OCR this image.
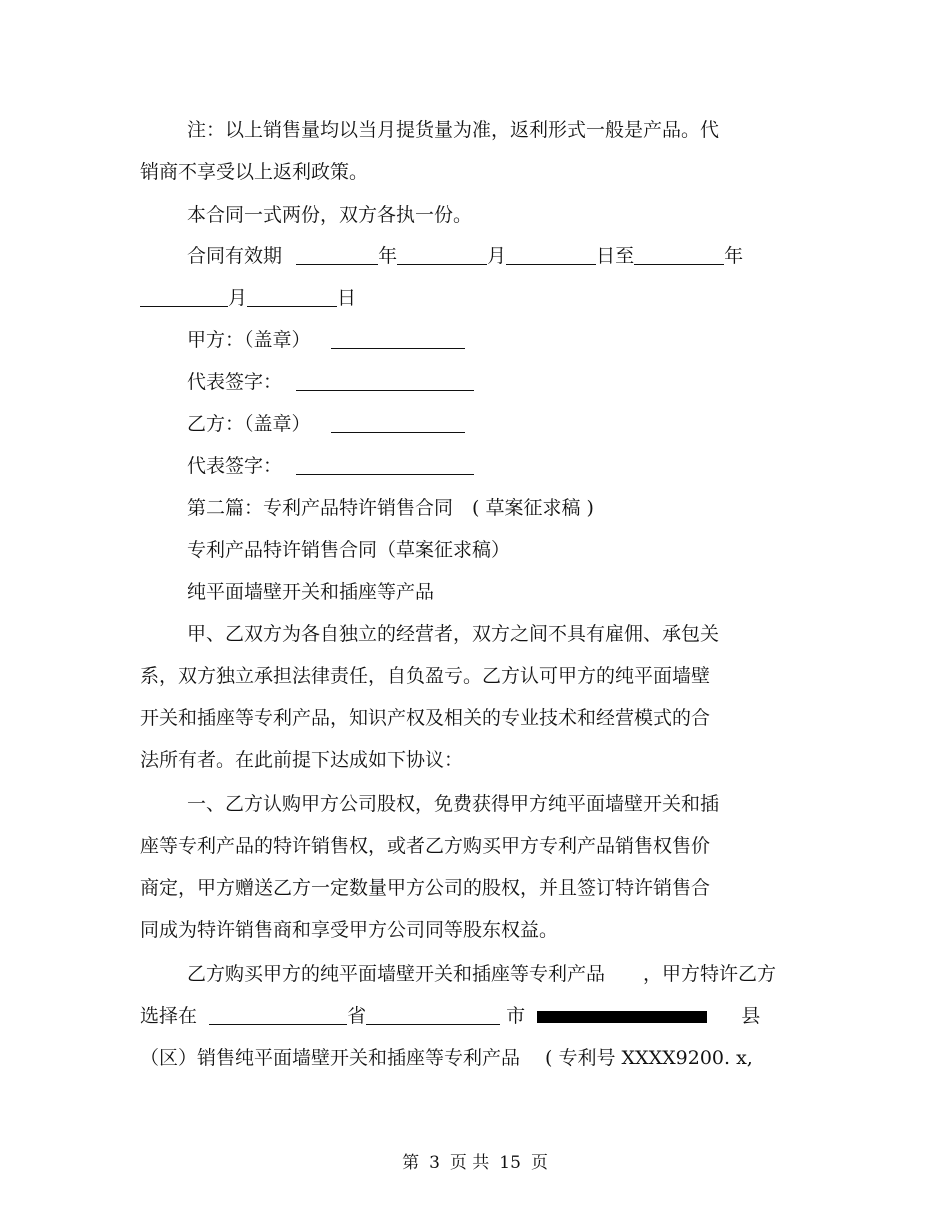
注：以上销售量均以当月提货量为准，返利形式一般是产品。代
销商不享受以上返利政策。
本合同一式两份，双方各执一份。
合同有效期	年	月	日至	年
月	日
甲方：（盖章）
代表签字：
乙方：（盖章）
代表签字：
第二篇：专利产品特许销售合同　( 草案征求稿 )
专利产品特许销售合同（草案征求稿）
纯平面墙壁开关和插座等产品
甲、乙双方为各自独立的经营者，双方之间不具有雇佣、承包关
系，双方独立承担法律责任，自负盈亏。乙方认可甲方的纯平面墙壁
开关和插座等专利产品，知识产权及相关的专业技术和经营模式的合
法所有者。在此前提下达成如下协议：
一、乙方认购甲方公司股权，免费获得甲方纯平面墙壁开关和插
座等专利产品的特许销售权，或者乙方购买甲方专利产品销售权售价
商定，甲方赠送乙方一定数量甲方公司的股权，并且签订特许销售合
同成为特许销售商和享受甲方公司同等股东权益。
乙方购买甲方的纯平面墙壁开关和插座等专利产品　　，甲方特许乙方
选择在	省	市	县
（区）销售纯平面墙壁开关和插座等专利产品　 ( 专利号 XXXX9200. x,
第 3 页 共 15 页
